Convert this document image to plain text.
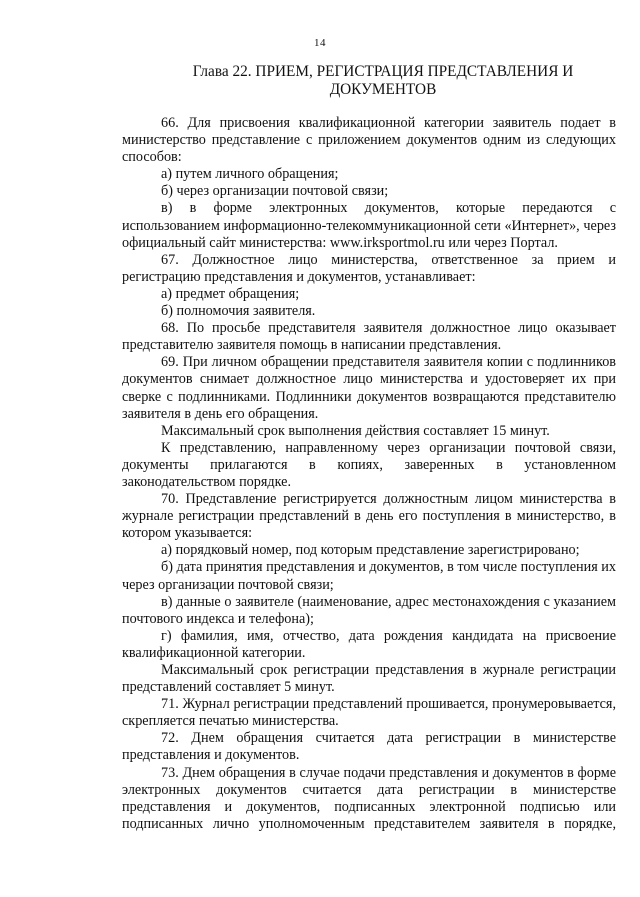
14
Глава 22. ПРИЕМ, РЕГИСТРАЦИЯ ПРЕДСТАВЛЕНИЯ И ДОКУМЕНТОВ

66. Для присвоения квалификационной категории заявитель подает в министерство представление с приложением документов одним из следующих способов:

а) путем личного обращения;

б) через организации почтовой связи;

в) в форме электронных документов, которые передаются с использованием информационно-телекоммуникационной сети «Интернет», через официальный сайт министерства: www.irksportmol.ru или через Портал.

67. Должностное лицо министерства, ответственное за прием и регистрацию представления и документов, устанавливает:

а) предмет обращения;

б) полномочия заявителя.

68. По просьбе представителя заявителя должностное лицо оказывает представителю заявителя помощь в написании представления.

69. При личном обращении представителя заявителя копии с подлинников документов снимает должностное лицо министерства и удостоверяет их при сверке с подлинниками. Подлинники документов возвращаются представителю заявителя в день его обращения.

Максимальный срок выполнения действия составляет 15 минут.

К представлению, направленному через организации почтовой связи, документы прилагаются в копиях, заверенных в установленном законодательством порядке.

70. Представление регистрируется должностным лицом министерства в журнале регистрации представлений в день его поступления в министерство, в котором указывается:

а) порядковый номер, под которым представление зарегистрировано;

б) дата принятия представления и документов, в том числе поступления их через организации почтовой связи;

в) данные о заявителе (наименование, адрес местонахождения с указанием почтового индекса и телефона);

г) фамилия, имя, отчество, дата рождения кандидата на присвоение квалификационной категории.

Максимальный срок регистрации представления в журнале регистрации представлений составляет 5 минут.

71. Журнал регистрации представлений прошивается, пронумеровывается, скрепляется печатью министерства.

72. Днем обращения считается дата регистрации в министерстве представления и документов.

73. Днем обращения в случае подачи представления и документов в форме электронных документов считается дата регистрации в министерстве представления и документов, подписанных электронной подписью или подписанных лично уполномоченным представителем заявителя в порядке,
